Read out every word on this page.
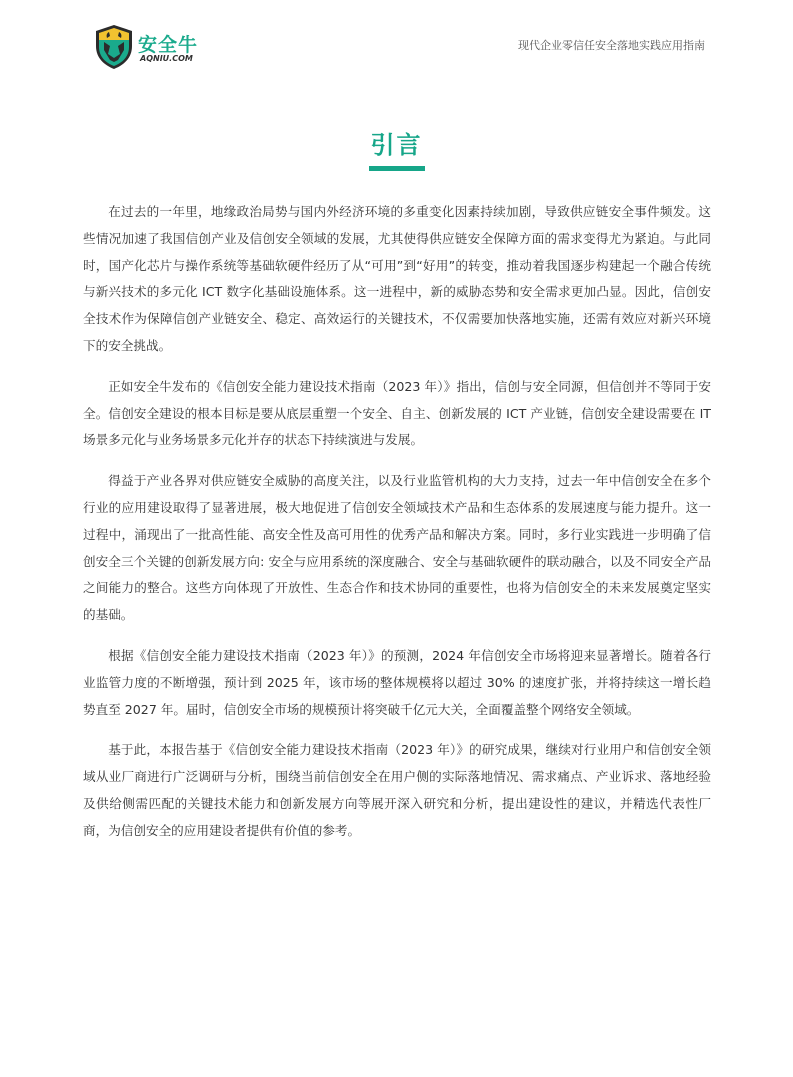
安全牛
AQNIU.COM
现代企业零信任安全落地实践应用指南
引言

在过去的一年里，地缘政治局势与国内外经济环境的多重变化因素持续加剧，导致供应链安全事件频发。这些情况加速了我国信创产业及信创安全领域的发展，尤其使得供应链安全保障方面的需求变得尤为紧迫。与此同时，国产化芯片与操作系统等基础软硬件经历了从“可用”到“好用”的转变，推动着我国逐步构建起一个融合传统与新兴技术的多元化 ICT 数字化基础设施体系。这一进程中，新的威胁态势和安全需求更加凸显。因此，信创安全技术作为保障信创产业链安全、稳定、高效运行的关键技术，不仅需要加快落地实施，还需有效应对新兴环境下的安全挑战。

正如安全牛发布的《信创安全能力建设技术指南（2023 年）》指出，信创与安全同源，但信创并不等同于安全。信创安全建设的根本目标是要从底层重塑一个安全、自主、创新发展的 ICT 产业链，信创安全建设需要在 IT 场景多元化与业务场景多元化并存的状态下持续演进与发展。

得益于产业各界对供应链安全威胁的高度关注，以及行业监管机构的大力支持，过去一年中信创安全在多个行业的应用建设取得了显著进展，极大地促进了信创安全领域技术产品和生态体系的发展速度与能力提升。这一过程中，涌现出了一批高性能、高安全性及高可用性的优秀产品和解决方案。同时，多行业实践进一步明确了信创安全三个关键的创新发展方向: 安全与应用系统的深度融合、安全与基础软硬件的联动融合，以及不同安全产品之间能力的整合。这些方向体现了开放性、生态合作和技术协同的重要性，也将为信创安全的未来发展奠定坚实的基础。

根据《信创安全能力建设技术指南（2023 年）》的预测，2024 年信创安全市场将迎来显著增长。随着各行业监管力度的不断增强，预计到 2025 年，该市场的整体规模将以超过 30% 的速度扩张，并将持续这一增长趋势直至 2027 年。届时，信创安全市场的规模预计将突破千亿元大关，全面覆盖整个网络安全领域。

基于此，本报告基于《信创安全能力建设技术指南（2023 年）》的研究成果，继续对行业用户和信创安全领域从业厂商进行广泛调研与分析，围绕当前信创安全在用户侧的实际落地情况、需求痛点、产业诉求、落地经验及供给侧需匹配的关键技术能力和创新发展方向等展开深入研究和分析，提出建设性的建议，并精选代表性厂商，为信创安全的应用建设者提供有价值的参考。
